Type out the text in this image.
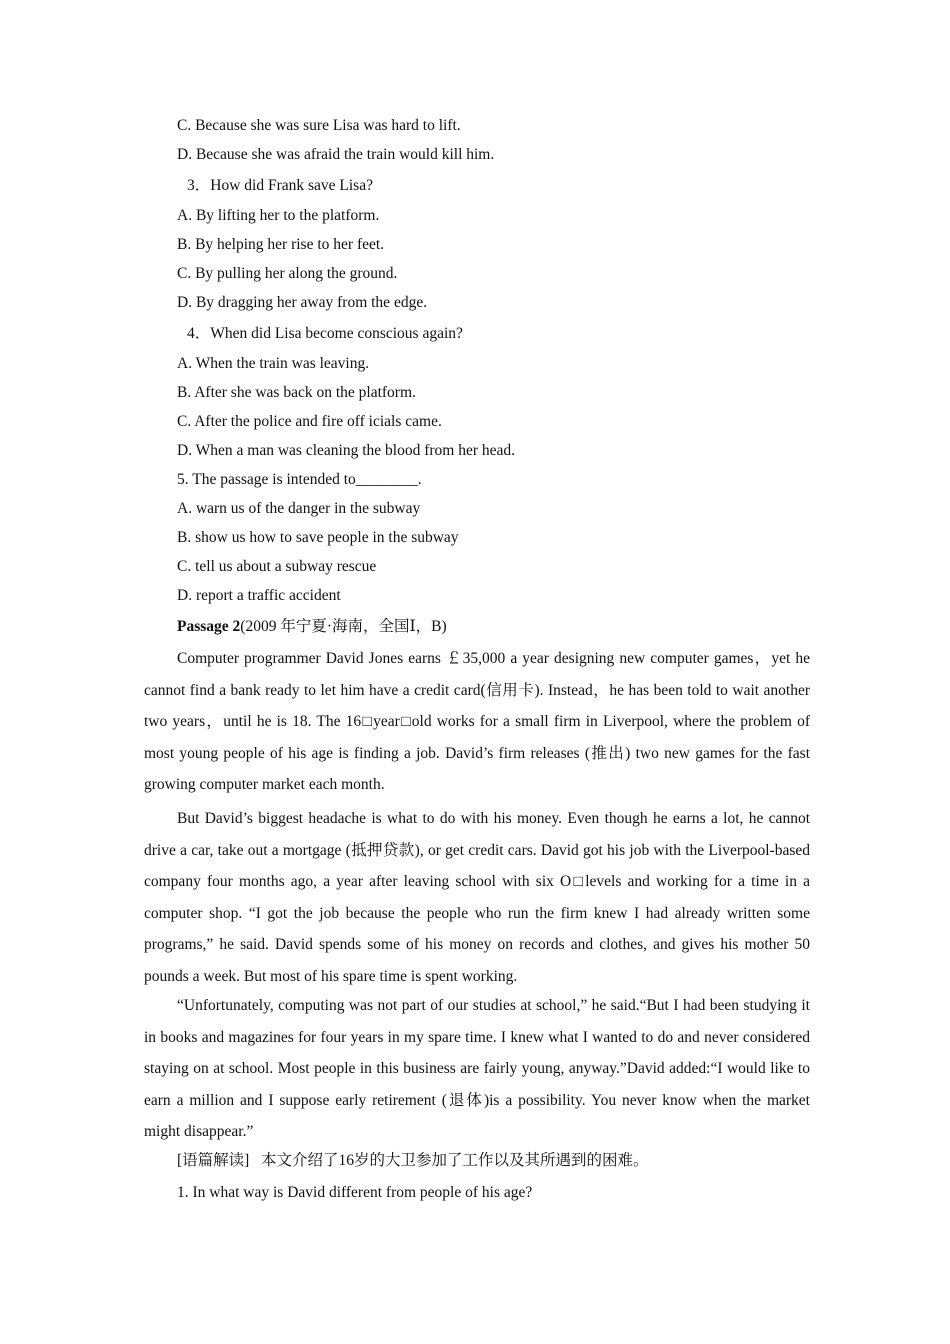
C. Because she was sure Lisa was hard to lift.
D. Because she was afraid the train would kill him.
3．How did Frank save Lisa?
A. By lifting her to the platform.
B. By helping her rise to her feet.
C. By pulling her along the ground.
D. By dragging her away from the edge.
4．When did Lisa become conscious again?
A. When the train was leaving.
B. After she was back on the platform.
C. After the police and fire off icials came.
D. When a man was cleaning the blood from her head.
5. The passage is intended to________.
A. warn us of the danger in the subway
B. show us how to save people in the subway
C. tell us about a subway rescue
D. report a traffic accident
Passage 2(2009 年宁夏·海南，全国Ⅰ，B)
Computer programmer David Jones earns ￡35,000 a year designing new computer games，yet he cannot find a bank ready to let him have a credit card(信用卡). Instead，he has been told to wait another two years，until he is 18. The 16□year□old works for a small firm in Liverpool, where the problem of most young people of his age is finding a job. David’s firm releases (推出) two new games for the fast growing computer market each month.
But David’s biggest headache is what to do with his money. Even though he earns a lot, he cannot drive a car, take out a mortgage (抵押贷款), or get credit cars. David got his job with the Liverpool-based company four months ago, a year after leaving school with six O□levels and working for a time in a computer shop. “I got the job because the people who run the firm knew I had already written some programs,” he said. David spends some of his money on records and clothes, and gives his mother 50 pounds a week. But most of his spare time is spent working.
“Unfortunately, computing was not part of our studies at school,” he said.“But I had been studying it in books and magazines for four years in my spare time. I knew what I wanted to do and never considered staying on at school. Most people in this business are fairly young, anyway.”David added:“I would like to earn a million and I suppose early retirement (退体)is a possibility. You never know when the market might disappear.”
[语篇解读] 本文介绍了16岁的大卫参加了工作以及其所遇到的困难。
1. In what way is David different from people of his age?
